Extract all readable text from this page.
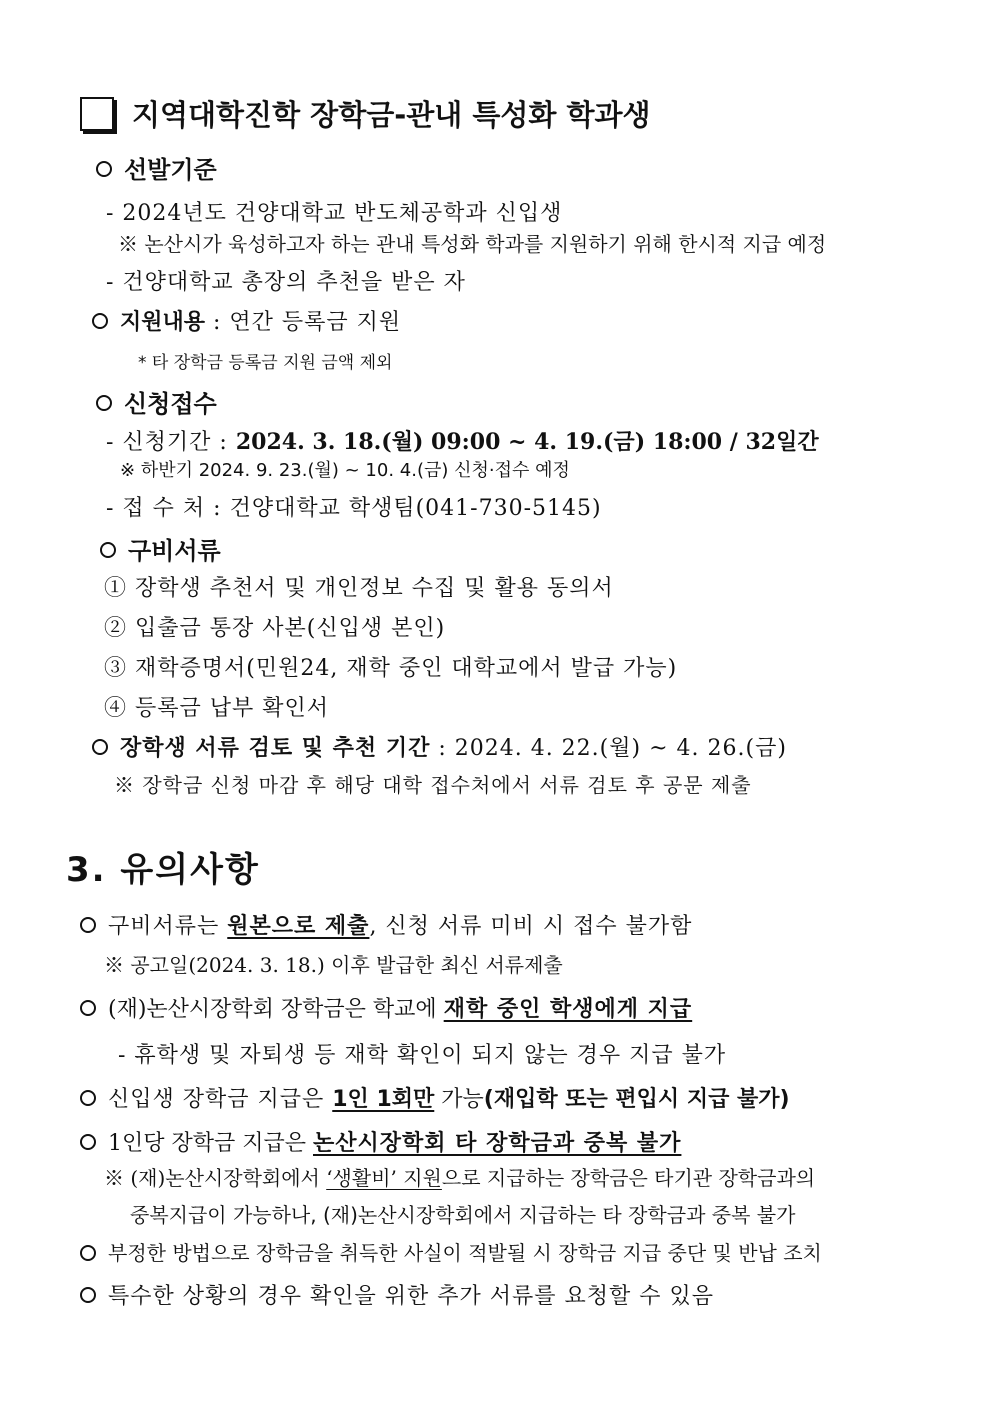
지역대학진학 장학금-관내 특성화 학과생
선발기준
- 2024년도 건양대학교 반도체공학과 신입생
※ 논산시가 육성하고자 하는 관내 특성화 학과를 지원하기 위해 한시적 지급 예정
- 건양대학교 총장의 추천을 받은 자
지원내용 : 연간 등록금 지원
* 타 장학금 등록금 지원 금액 제외
신청접수
- 신청기간 : 2024. 3. 18.(월) 09:00 ~ 4. 19.(금) 18:00 / 32일간
※ 하반기 2024. 9. 23.(월) ~ 10. 4.(금) 신청·접수 예정
- 접 수 처 : 건양대학교 학생팀(041-730-5145)
구비서류
① 장학생 추천서 및 개인정보 수집 및 활용 동의서
② 입출금 통장 사본(신입생 본인)
③ 재학증명서(민원24, 재학 중인 대학교에서 발급 가능)
④ 등록금 납부 확인서
장학생 서류 검토 및 추천 기간 : 2024. 4. 22.(월) ~ 4. 26.(금)
※ 장학금 신청 마감 후 해당 대학 접수처에서 서류 검토 후 공문 제출
3. 유의사항
구비서류는 원본으로 제출, 신청 서류 미비 시 접수 불가함
※ 공고일(2024. 3. 18.) 이후 발급한 최신 서류제출
(재)논산시장학회 장학금은 학교에 재학 중인 학생에게 지급
- 휴학생 및 자퇴생 등 재학 확인이 되지 않는 경우 지급 불가
신입생 장학금 지급은 1인 1회만 가능(재입학 또는 편입시 지급 불가)
1인당 장학금 지급은 논산시장학회 타 장학금과 중복 불가
※ (재)논산시장학회에서 ‘생활비’ 지원으로 지급하는 장학금은 타기관 장학금과의
중복지급이 가능하나, (재)논산시장학회에서 지급하는 타 장학금과 중복 불가
부정한 방법으로 장학금을 취득한 사실이 적발될 시 장학금 지급 중단 및 반납 조치
특수한 상황의 경우 확인을 위한 추가 서류를 요청할 수 있음
